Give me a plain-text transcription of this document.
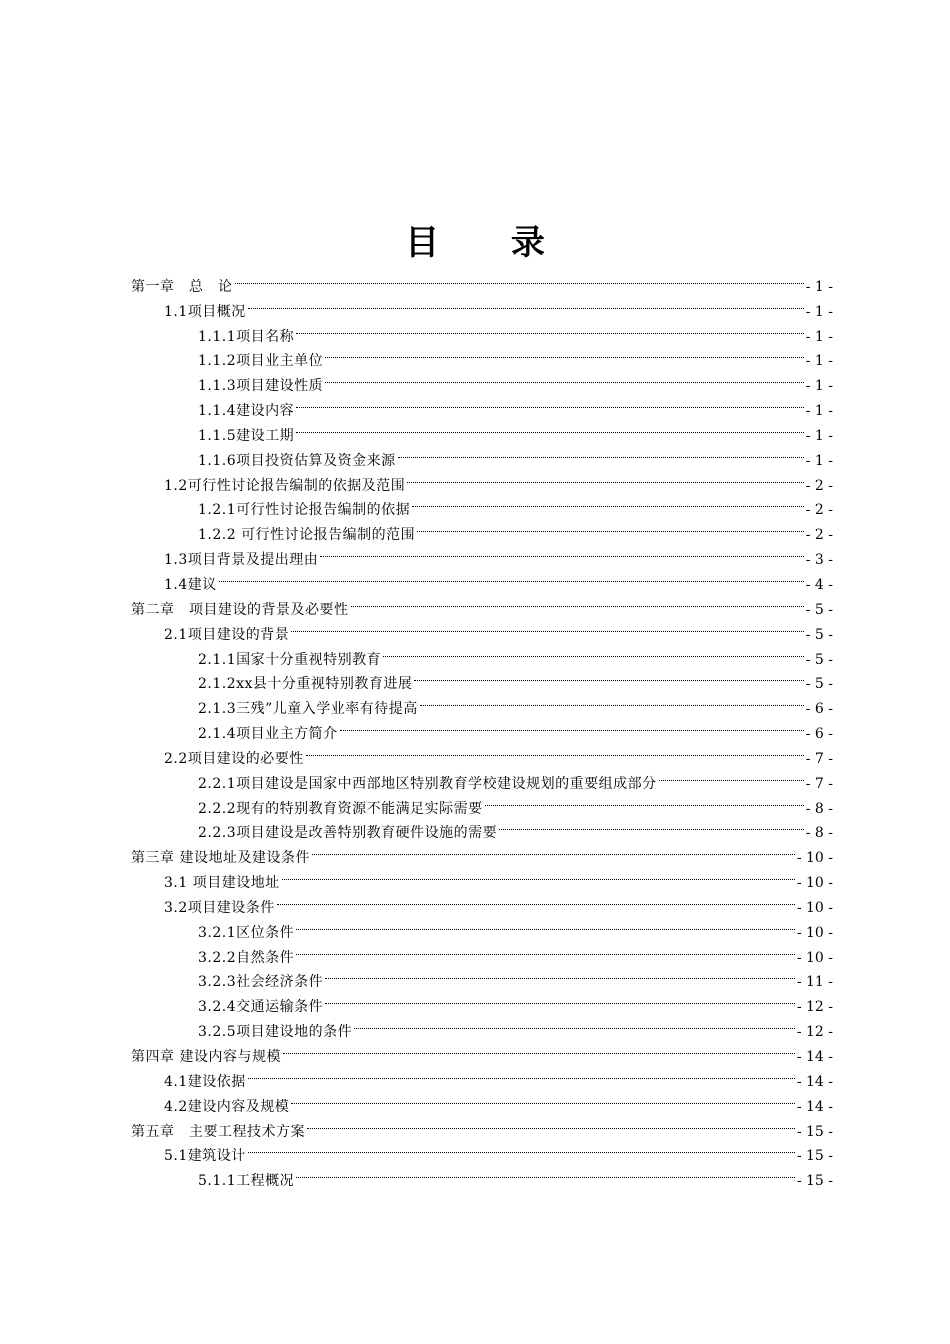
目 录
第一章　总　论	- 1 -
1.1项目概况	- 1 -
1.1.1项目名称	- 1 -
1.1.2项目业主单位	- 1 -
1.1.3项目建设性质	- 1 -
1.1.4建设内容	- 1 -
1.1.5建设工期	- 1 -
1.1.6项目投资估算及资金来源	- 1 -
1.2可行性讨论报告编制的依据及范围	- 2 -
1.2.1可行性讨论报告编制的依据	- 2 -
1.2.2 可行性讨论报告编制的范围	- 2 -
1.3项目背景及提出理由	- 3 -
1.4建议	- 4 -
第二章　项目建设的背景及必要性	- 5 -
2.1项目建设的背景	- 5 -
2.1.1国家十分重视特别教育	- 5 -
2.1.2xx县十分重视特别教育进展	- 5 -
2.1.3三残”儿童入学业率有待提高	- 6 -
2.1.4项目业主方简介	- 6 -
2.2项目建设的必要性	- 7 -
2.2.1项目建设是国家中西部地区特别教育学校建设规划的重要组成部分	- 7 -
2.2.2现有的特别教育资源不能满足实际需要	- 8 -
2.2.3项目建设是改善特别教育硬件设施的需要	- 8 -
第三章 建设地址及建设条件	- 10 -
3.1 项目建设地址	- 10 -
3.2项目建设条件	- 10 -
3.2.1区位条件	- 10 -
3.2.2自然条件	- 10 -
3.2.3社会经济条件	- 11 -
3.2.4交通运输条件	- 12 -
3.2.5项目建设地的条件	- 12 -
第四章 建设内容与规模	- 14 -
4.1建设依据	- 14 -
4.2建设内容及规模	- 14 -
第五章　主要工程技术方案	- 15 -
5.1建筑设计	- 15 -
5.1.1工程概况	- 15 -
